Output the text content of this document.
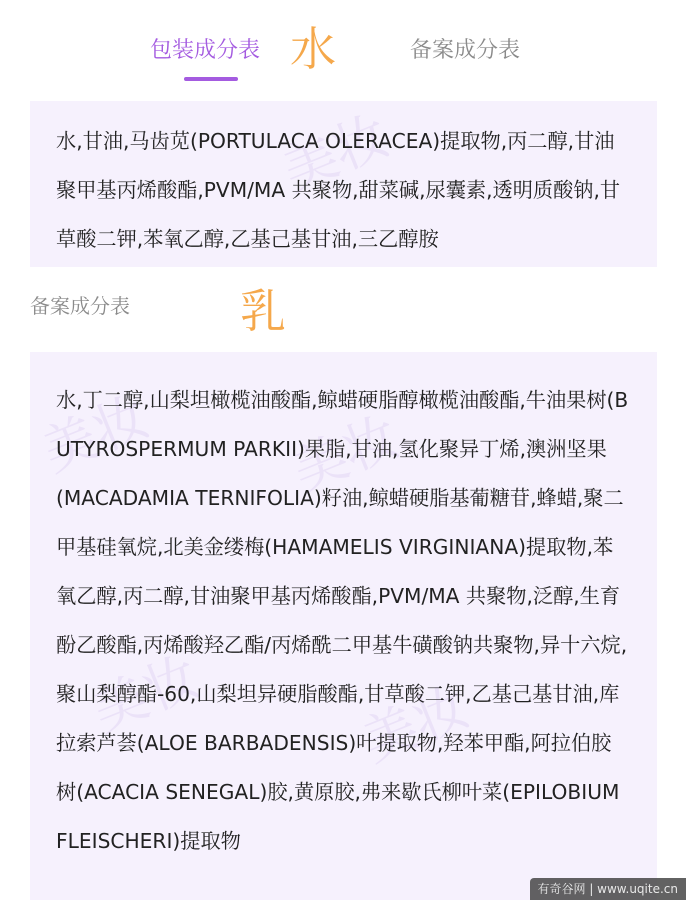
包装成分表	备案成分表
水
美妆

水,甘油,马齿苋(PORTULACA OLERACEA)提取物,丙二醇,甘油聚甲基丙烯酸酯,PVM/MA 共聚物,甜菜碱,尿囊素,透明质酸钠,甘草酸二钾,苯氧乙醇,乙基己基甘油,三乙醇胺

备案成分表 乳
美妆 美妆
美妆	美妆

水,丁二醇,山梨坦橄榄油酸酯,鲸蜡硬脂醇橄榄油酸酯,牛油果树(BUTYROSPERMUM PARKII)果脂,甘油,氢化聚异丁烯,澳洲坚果(MACADAMIA TERNIFOLIA)籽油,鲸蜡硬脂基葡糖苷,蜂蜡,聚二甲基硅氧烷,北美金缕梅(HAMAMELIS VIRGINIANA)提取物,苯氧乙醇,丙二醇,甘油聚甲基丙烯酸酯,PVM/MA 共聚物,泛醇,生育酚乙酸酯,丙烯酸羟乙酯/丙烯酰二甲基牛磺酸钠共聚物,异十六烷,聚山梨醇酯-60,山梨坦异硬脂酸酯,甘草酸二钾,乙基己基甘油,库拉索芦荟(ALOE BARBADENSIS)叶提取物,羟苯甲酯,阿拉伯胶树(ACACIA SENEGAL)胶,黄原胶,弗来歇氏柳叶菜(EPILOBIUM FLEISCHERI)提取物

有奇谷网 | www.uqite.cn
